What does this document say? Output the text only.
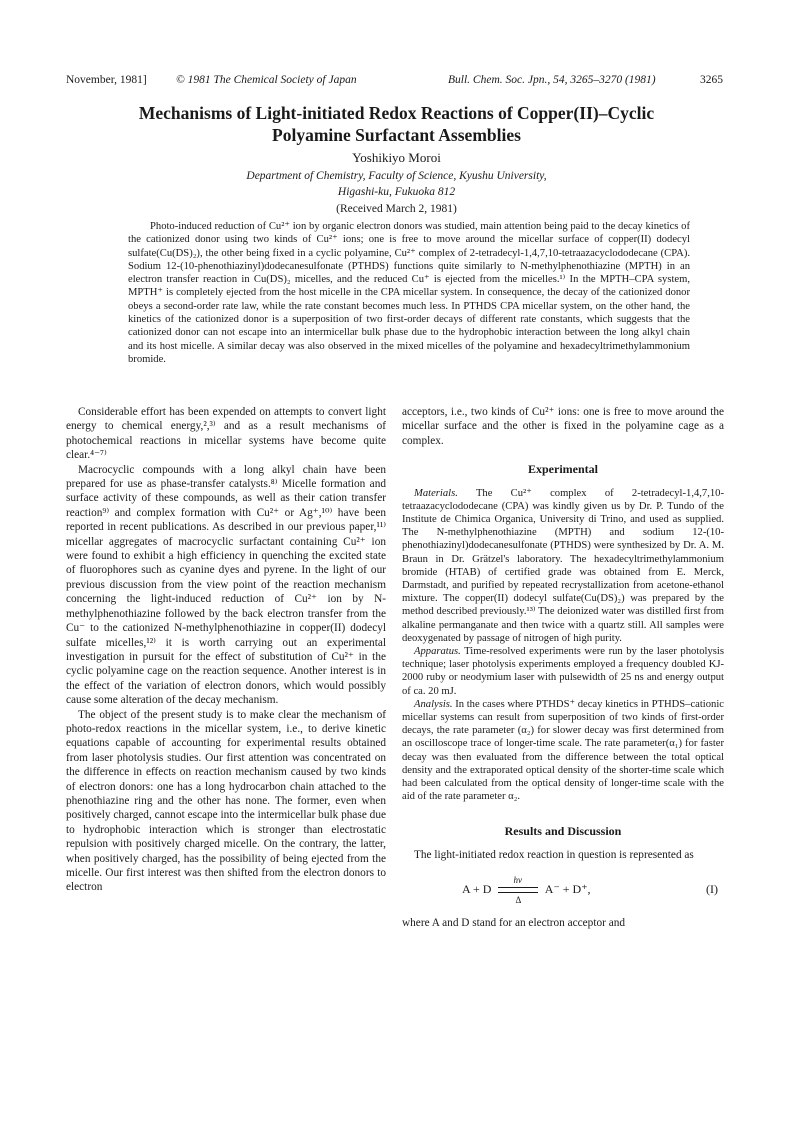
November, 1981]	© 1981 The Chemical Society of Japan	Bull. Chem. Soc. Jpn., 54, 3265–3270 (1981)	3265
Mechanisms of Light-initiated Redox Reactions of Copper(II)–Cyclic Polyamine Surfactant Assemblies
Yoshikiyo Moroi
Department of Chemistry, Faculty of Science, Kyushu University,
Higashi-ku, Fukuoka 812
(Received March 2, 1981)

Photo-induced reduction of Cu²⁺ ion by organic electron donors was studied, main attention being paid to the decay kinetics of the cationized donor using two kinds of Cu²⁺ ions; one is free to move around the micellar surface of copper(II) dodecyl sulfate(Cu(DS)₂), the other being fixed in a cyclic polyamine, Cu²⁺ complex of 2-tetradecyl-1,4,7,10-tetraazacyclododecane (CPA). Sodium 12-(10-phenothiazinyl)dodecanesulfonate (PTHDS) functions quite similarly to N-methylphenothiazine (MPTH) in an electron transfer reaction in Cu(DS)₂ micelles, and the reduced Cu⁺ is ejected from the micelles.¹⁾ In the MPTH–CPA system, MPTH⁺ is completely ejected from the host micelle in the CPA micellar system. In consequence, the decay of the cationized donor obeys a second-order rate law, while the rate constant becomes much less. In PTHDS CPA micellar system, on the other hand, the kinetics of the cationized donor is a superposition of two first-order decays of different rate constants, which suggests that the cationized donor can not escape into an intermicellar bulk phase due to the hydrophobic interaction between the long alkyl chain and its host micelle. A similar decay was also observed in the mixed micelles of the polyamine and hexadecyltrimethylammonium bromide.

Considerable effort has been expended on attempts to convert light energy to chemical energy,²,³⁾ and as a result mechanisms of photochemical reactions in micellar systems have become quite clear.⁴⁻⁷⁾

Macrocyclic compounds with a long alkyl chain have been prepared for use as phase-transfer catalysts.⁸⁾ Micelle formation and surface activity of these compounds, as well as their cation transfer reaction⁹⁾ and complex formation with Cu²⁺ or Ag⁺,¹⁰⁾ have been reported in recent publications. As described in our previous paper,¹¹⁾ micellar aggregates of macrocyclic surfactant containing Cu²⁺ ion were found to exhibit a high efficiency in quenching the excited state of fluorophores such as cyanine dyes and pyrene. In the light of our previous discussion from the view point of the reaction mechanism concerning the light-induced reduction of Cu²⁺ ion by N-methylphenothiazine followed by the back electron transfer from the Cu⁻ to the cationized N-methylphenothiazine in copper(II) dodecyl sulfate micelles,¹²⁾ it is worth carrying out an experimental investigation in pursuit for the effect of substitution of Cu²⁺ in the cyclic polyamine cage on the reaction sequence. Another interest is in the effect of the variation of electron donors, which would possibly cause some alteration of the decay mechanism.

The object of the present study is to make clear the mechanism of photo-redox reactions in the micellar system, i.e., to derive kinetic equations capable of accounting for experimental results obtained from laser photolysis studies. Our first attention was concentrated on the difference in effects on reaction mechanism caused by two kinds of electron donors: one has a long hydrocarbon chain attached to the phenothiazine ring and the other has none. The former, even when positively charged, cannot escape into the intermicellar bulk phase due to hydrophobic interaction which is stronger than electrostatic repulsion with positively charged micelle. On the contrary, the latter, when positively charged, has the possibility of being ejected from the micelle. Our first interest was then shifted from the electron donors to electron

acceptors, i.e., two kinds of Cu²⁺ ions: one is free to move around the micellar surface and the other is fixed in the polyamine cage as a complex.

Experimental

Materials. The Cu²⁺ complex of 2-tetradecyl-1,4,7,10-tetraazacyclododecane (CPA) was kindly given us by Dr. P. Tundo of the Institute de Chimica Organica, University di Trino, and used as supplied. The N-methylphenothiazine (MPTH) and sodium 12-(10-phenothiazinyl)dodecanesulfonate (PTHDS) were synthesized by Dr. A. M. Braun in Dr. Grätzel's laboratory. The hexadecyltrimethylammonium bromide (HTAB) of certified grade was obtained from E. Merck, Darmstadt, and purified by repeated recrystallization from acetone-ethanol mixture. The copper(II) dodecyl sulfate(Cu(DS)₂) was prepared by the method described previously.¹³⁾ The deionized water was distilled first from alkaline permanganate and then twice with a quartz still. All samples were deoxygenated by passage of nitrogen of high purity.

Apparatus. Time-resolved experiments were run by the laser photolysis technique; laser photolysis experiments employed a frequency doubled KJ-2000 ruby or neodymium laser with pulsewidth of 25 ns and energy output of ca. 20 mJ.

Analysis. In the cases where PTHDS⁺ decay kinetics in PTHDS–cationic micellar systems can result from superposition of two kinds of first-order decays, the rate parameter (α₂) for slower decay was first determined from an oscilloscope trace of longer-time scale. The rate parameter(α₁) for faster decay was then evaluated from the difference between the total optical density and the extraporated optical density of the shorter-time scale which had been calculated from the optical density of longer-time scale with the aid of the rate parameter α₂.

Results and Discussion

The light-initiated redox reaction in question is represented as

A + D $\frac{h\nu}{\Delta} A^- + D^+$,	(I)

where A and D stand for an electron acceptor and
